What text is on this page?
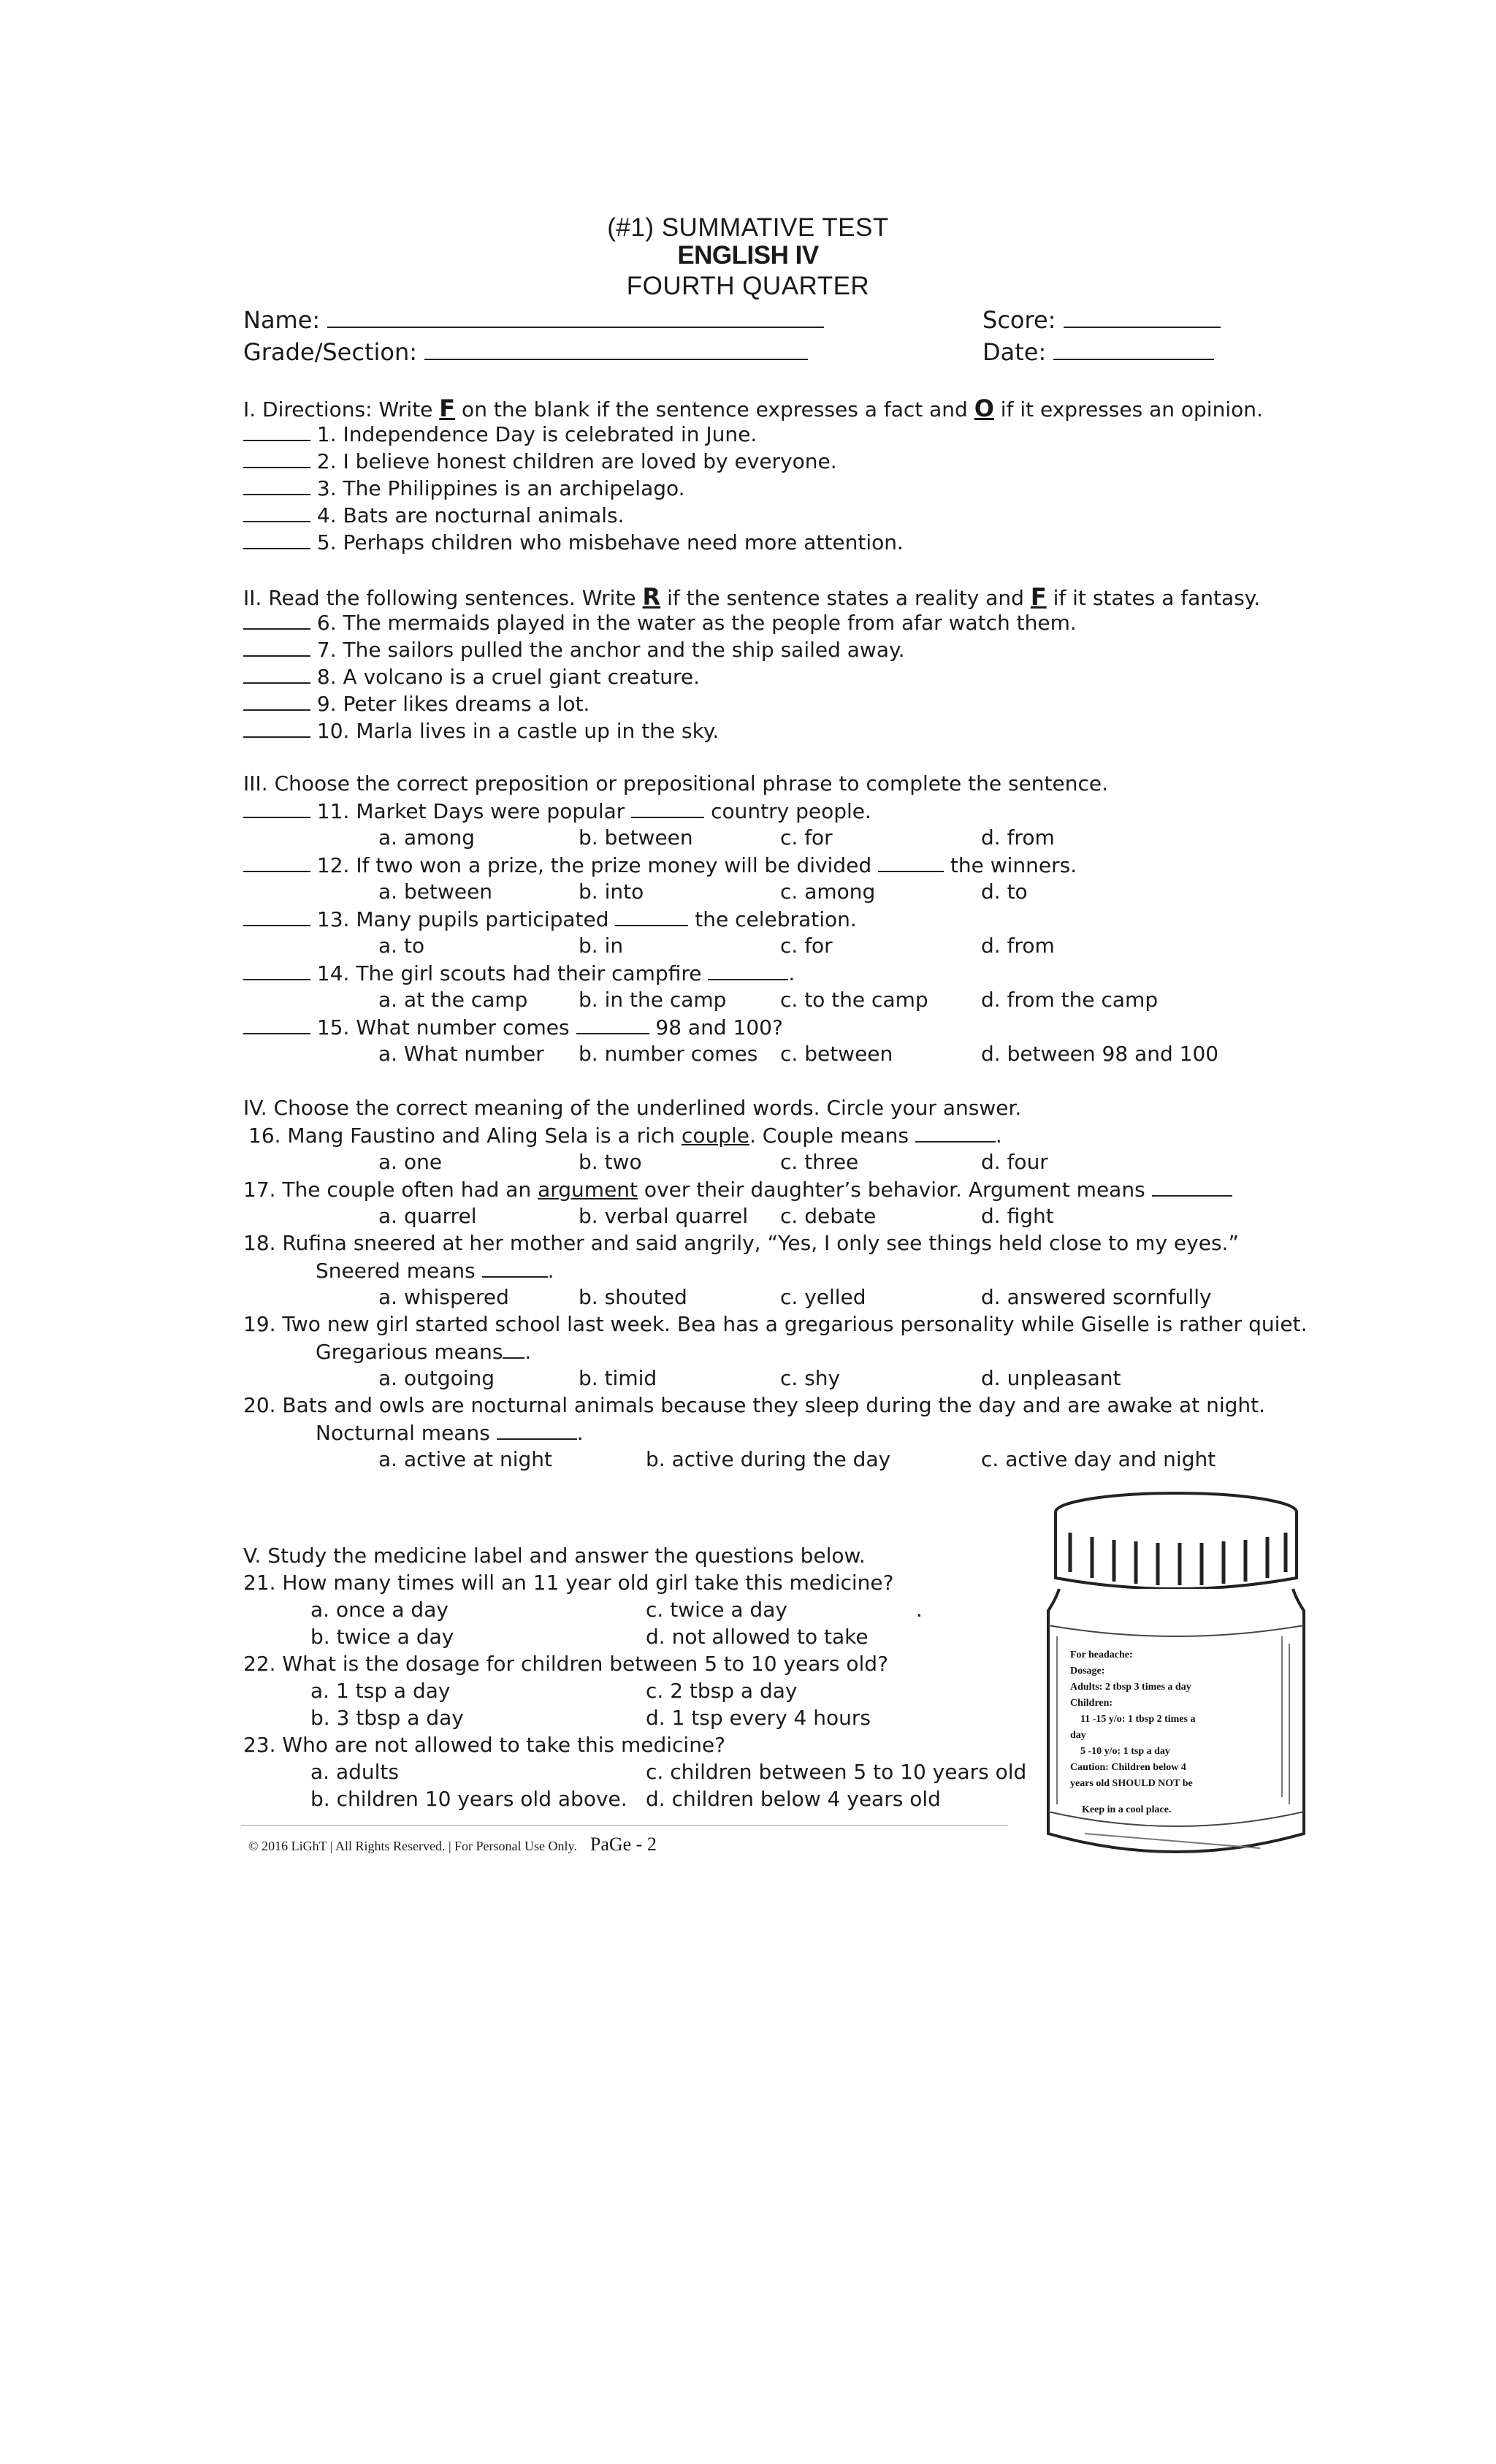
(#1) SUMMATIVE TEST
ENGLISH IV
FOURTH QUARTER
Name:	Score:
Grade/Section:	Date:
I. Directions: Write F on the blank if the sentence expresses a fact and O if it expresses an opinion.
1. Independence Day is celebrated in June.
2. I believe honest children are loved by everyone.
3. The Philippines is an archipelago.
4. Bats are nocturnal animals.
5. Perhaps children who misbehave need more attention.
II. Read the following sentences. Write R if the sentence states a reality and F if it states a fantasy.
6. The mermaids played in the water as the people from afar watch them.
7. The sailors pulled the anchor and the ship sailed away.
8. A volcano is a cruel giant creature.
9. Peter likes dreams a lot.
10. Marla lives in a castle up in the sky.
III. Choose the correct preposition or prepositional phrase to complete the sentence.
11. Market Days were popular	country people.
a. among	b. between	c. for	d. from
12. If two won a prize, the prize money will be divided	the winners.
a. between	b. into	c. among	d. to
13. Many pupils participated	the celebration.
a. to	b. in	c. for	d. from
14. The girl scouts had their campfire	.
a. at the camp b. in the camp	c. to the camp	d. from the camp
15. What number comes	98 and 100?
a. What number b. number comes c. between	d. between 98 and 100
IV. Choose the correct meaning of the underlined words. Circle your answer.
16. Mang Faustino and Aling Sela is a rich couple. Couple means	.
a. one	b. two	c. three	d. four
17. The couple often had an argument over their daughter’s behavior. Argument means
a. quarrel	b. verbal quarrel c. debate	d. fight
18. Rufina sneered at her mother and said angrily, “Yes, I only see things held close to my eyes.”
Sneered means	.
a. whispered	b. shouted	c. yelled	d. answered scornfully
19. Two new girl started school last week. Bea has a gregarious personality while Giselle is rather quiet.
Gregarious means .
a. outgoing	b. timid	c. shy	d. unpleasant
20. Bats and owls are nocturnal animals because they sleep during the day and are awake at night.
Nocturnal means	.
a. active at night	b. active during the day	c. active day and night
V. Study the medicine label and answer the questions below.
21. How many times will an 11 year old girl take this medicine?
a. once a day	c. twice a day	.
b. twice a day	d. not allowed to take
22. What is the dosage for children between 5 to 10 years old?
a. 1 tsp a day	c. 2 tbsp a day
b. 3 tbsp a day	d. 1 tsp every 4 hours
23. Who are not allowed to take this medicine?
a. adults	c. children between 5 to 10 years old
b. children 10 years old above. d. children below 4 years old
For headache:
Dosage:
Adults: 2 tbsp 3 times a day
Children:
11 -15 y/o: 1 tbsp 2 times a
day
5 -10 y/o: 1 tsp a day
Caution: Children below 4
years old SHOULD NOT be
Keep in a cool place.
© 2016 LiGhT | All Rights Reserved. | For Personal Use Only. PaGe - 2
